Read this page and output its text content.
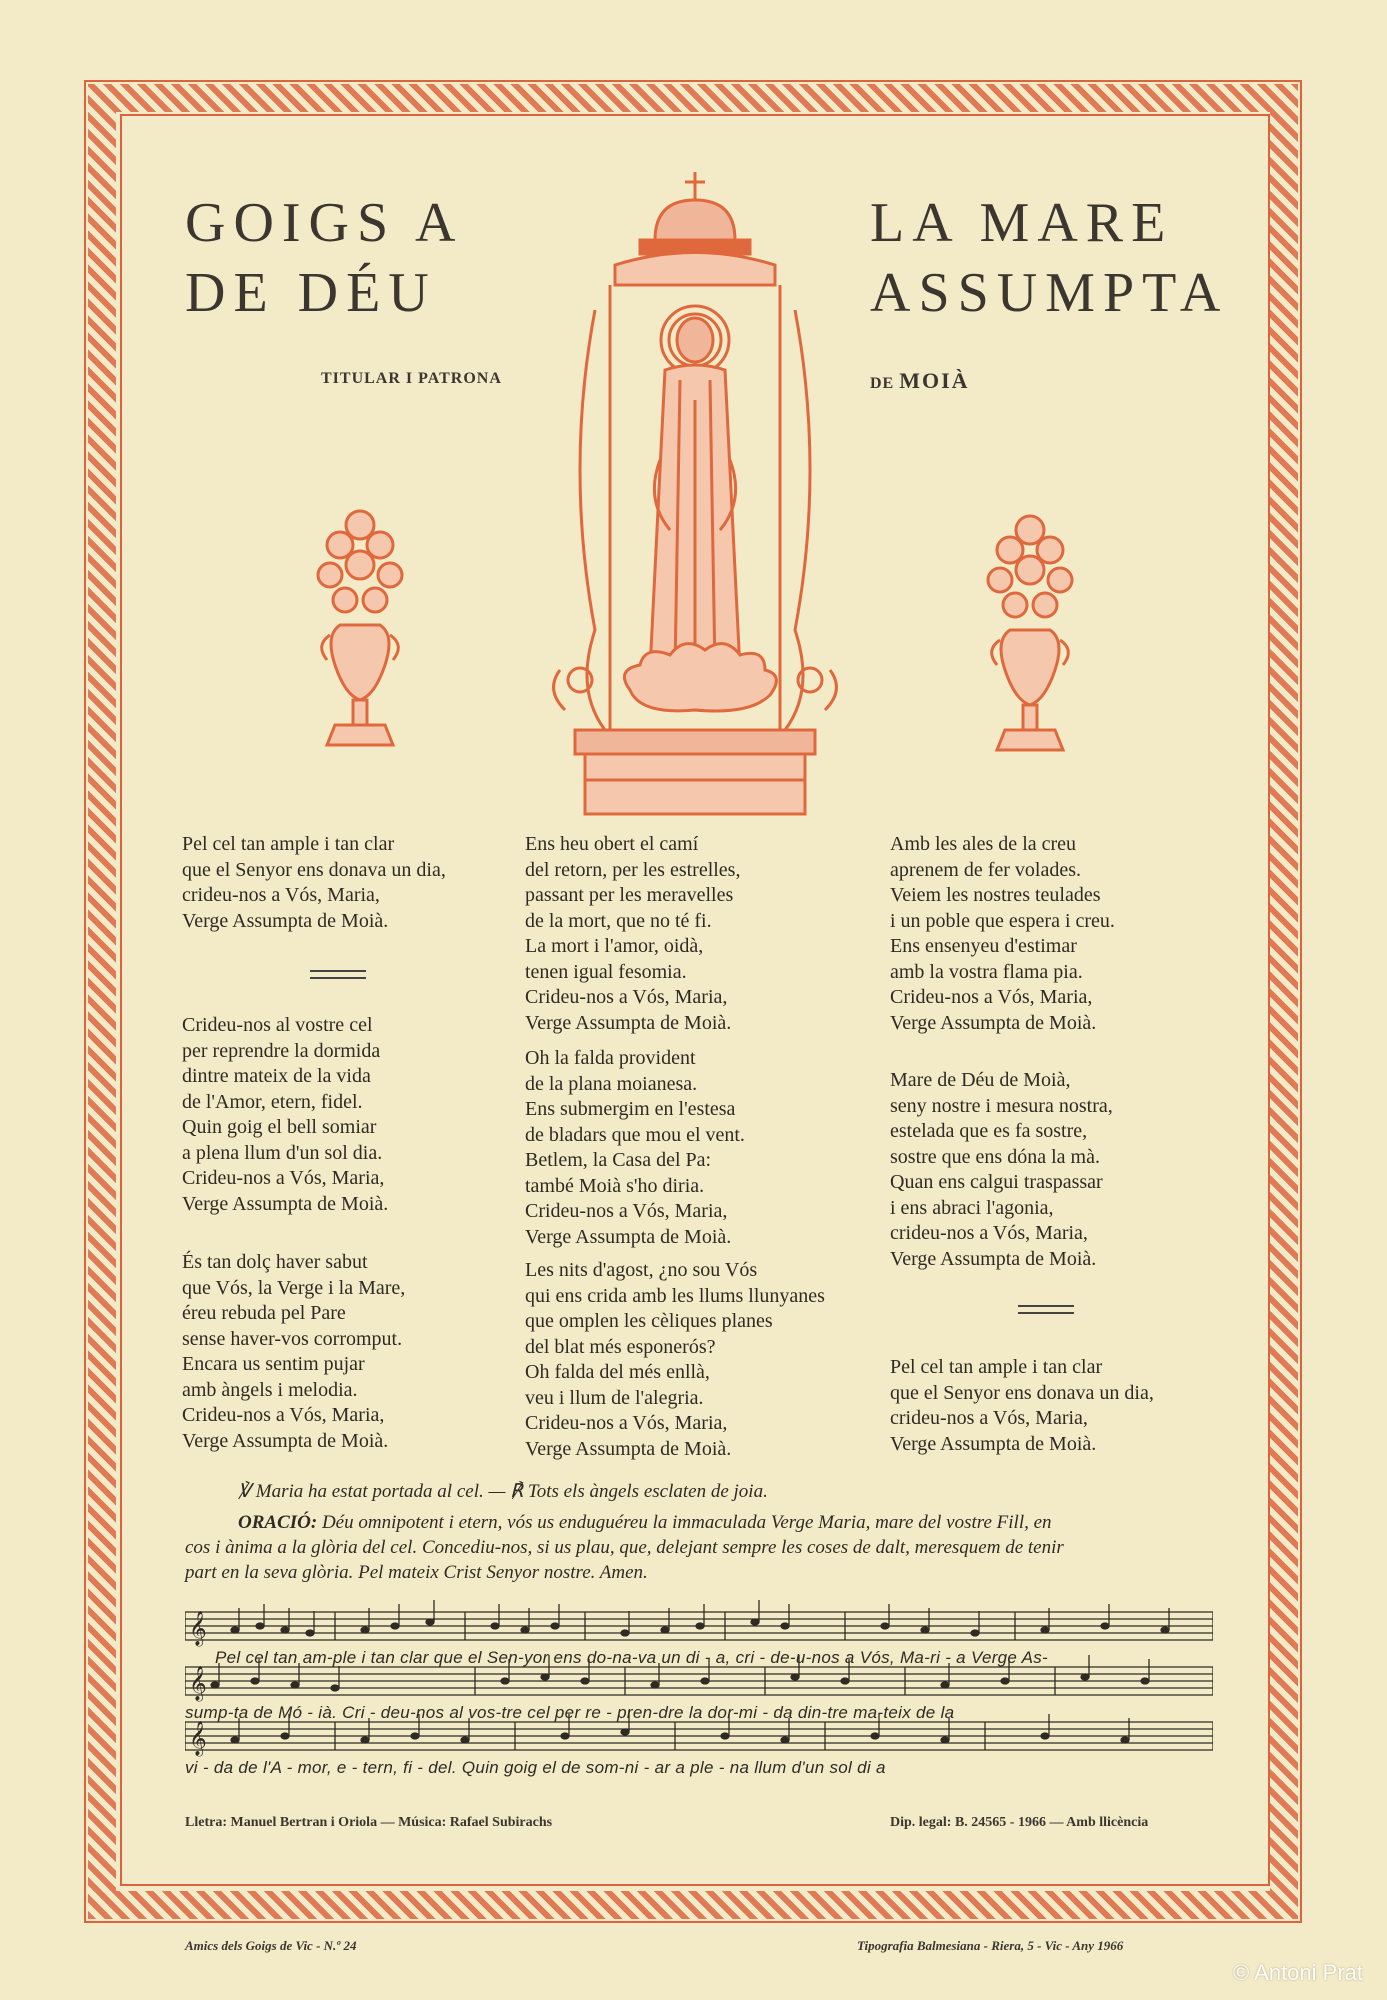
GOIGS A
DE DÉU
LA MARE
ASSUMPTA
TITULAR I PATRONA	DE MOIÀ
Pel cel tan ample i tan clar
que el Senyor ens donava un dia,
crideu-nos a Vós, Maria,
Verge Assumpta de Moià.
Crideu-nos al vostre cel
per reprendre la dormida
dintre mateix de la vida
de l'Amor, etern, fidel.
Quin goig el bell somiar
a plena llum d'un sol dia.
Crideu-nos a Vós, Maria,
Verge Assumpta de Moià.
És tan dolç haver sabut
que Vós, la Verge i la Mare,
éreu rebuda pel Pare
sense haver-vos corromput.
Encara us sentim pujar
amb àngels i melodia.
Crideu-nos a Vós, Maria,
Verge Assumpta de Moià.
Ens heu obert el camí
del retorn, per les estrelles,
passant per les meravelles
de la mort, que no té fi.
La mort i l'amor, oidà,
tenen igual fesomia.
Crideu-nos a Vós, Maria,
Verge Assumpta de Moià.
Oh la falda provident
de la plana moianesa.
Ens submergim en l'estesa
de bladars que mou el vent.
Betlem, la Casa del Pa:
també Moià s'ho diria.
Crideu-nos a Vós, Maria,
Verge Assumpta de Moià.
Les nits d'agost, ¿no sou Vós
qui ens crida amb les llums llunyanes
que omplen les cèliques planes
del blat més esponerós?
Oh falda del més enllà,
veu i llum de l'alegria.
Crideu-nos a Vós, Maria,
Verge Assumpta de Moià.
Amb les ales de la creu
aprenem de fer volades.
Veiem les nostres teulades
i un poble que espera i creu.
Ens ensenyeu d'estimar
amb la vostra flama pia.
Crideu-nos a Vós, Maria,
Verge Assumpta de Moià.
Mare de Déu de Moià,
seny nostre i mesura nostra,
estelada que es fa sostre,
sostre que ens dóna la mà.
Quan ens calgui traspassar
i ens abraci l'agonia,
crideu-nos a Vós, Maria,
Verge Assumpta de Moià.
Pel cel tan ample i tan clar
que el Senyor ens donava un dia,
crideu-nos a Vós, Maria,
Verge Assumpta de Moià.
℣ Maria ha estat portada al cel. — ℟ Tots els àngels esclaten de joia.
ORACIÓ: Déu omnipotent i etern, vós us enduguéreu la immaculada Verge Maria, mare del vostre Fill, en
cos i ànima a la glòria del cel. Concediu-nos, si us plau, que, delejant sempre les coses de dalt, meresquem de tenir
part en la seva glòria. Pel mateix Crist Senyor nostre. Amen.
𝄞
𝄞
𝄞
Pel cel tan am-ple i tan clar que el Sen-yor ens do-na-va un di - a, cri - de-u-nos a Vós, Ma-ri - a Verge As-
sump-ta de Mó - ià. Cri - deu-nos al vos-tre cel per re - pren-dre la dor-mi - da din-tre ma-teix de la
vi - da de l'A - mor, e - tern, fi - del. Quin goig el de som-ni - ar a ple - na llum d'un sol di a
Lletra: Manuel Bertran i Oriola — Música: Rafael Subirachs	Dip. legal: B. 24565 - 1966 — Amb llicència
Amics dels Goigs de Vic - N.º 24	Tipografia Balmesiana - Riera, 5 - Vic - Any 1966
© Antoni Prat
